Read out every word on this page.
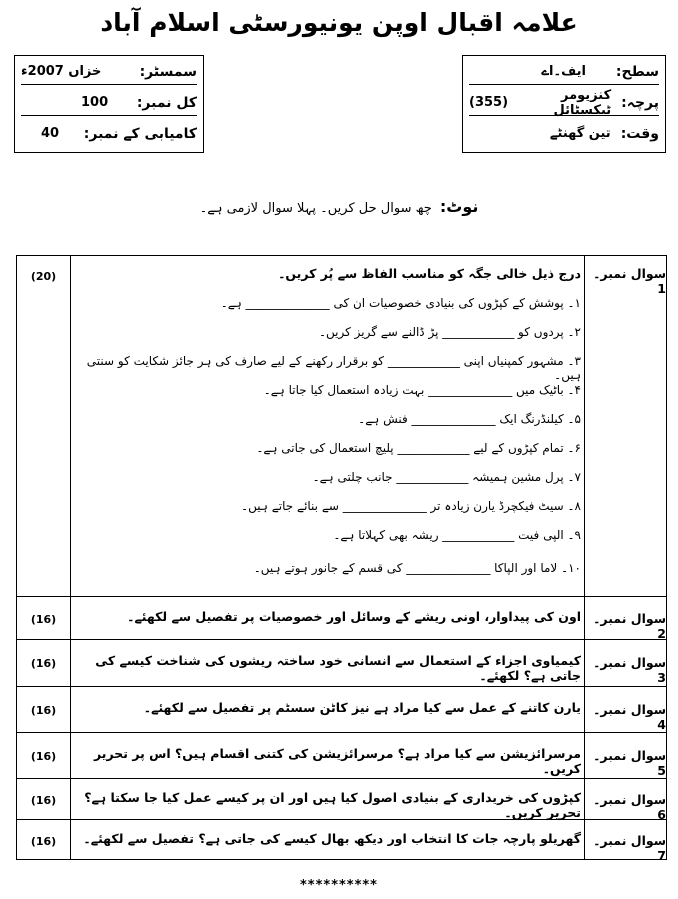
علامہ اقبال اوپن یونیورسٹی اسلام آباد
سمسٹر:
خزاں 2007ء
کل نمبر:
100
کامیابی کے نمبر:
40
سطح:
ایف۔اے
پرچہ:
کنزیومر ٹیکسٹائل
(355)
وقت:
تین گھنٹے
نوٹ:چھ سوال حل کریں۔ پہلا سوال لازمی ہے۔
سوال نمبر۔1
(20)	درج ذیل خالی جگہ کو مناسب الفاظ سے پُر کریں۔
۱۔ پوشش کے کپڑوں کی بنیادی خصوصیات ان کی ______________ ہے۔
۲۔ پردوں کو ____________ پڑ ڈالنے سے گریز کریں۔
۳۔ مشہور کمپنیاں اپنی ____________ کو برقرار رکھنے کے لیے صارف کی ہر جائز شکایت کو سنتی ہیں۔
۴۔ باٹیک میں ______________ بہت زیادہ استعمال کیا جاتا ہے۔
۵۔ کیلنڈرنگ ایک ______________ فنش ہے۔
۶۔ تمام کپڑوں کے لیے ____________ پلیچ استعمال کی جاتی ہے۔
۷۔ پرل مشین ہمیشہ ____________ جانب چلتی ہے۔
۸۔ سیٹ فیکچرڈ یارن زیادہ تر ______________ سے بنائے جاتے ہیں۔
۹۔ الپی فیت ____________ ریشہ بھی کہلاتا ہے۔
۱۰۔ لاما اور الپاکا ______________ کی قسم کے جانور ہوتے ہیں۔
سوال نمبر۔2
(16)	اون کی پیداوار، اونی ریشے کے وسائل اور خصوصیات پر تفصیل سے لکھئے۔
سوال نمبر۔3
(16)	کیمیاوی اجزاء کے استعمال سے انسانی خود ساختہ ریشوں کی شناخت کیسے کی جاتی ہے؟ لکھئے۔
سوال نمبر۔4
(16)	یارن کاتنے کے عمل سے کیا مراد ہے نیز کاٹن سسٹم پر تفصیل سے لکھئے۔
سوال نمبر۔5
(16)	مرسرائزیشن سے کیا مراد ہے؟ مرسرائزیشن کی کتنی اقسام ہیں؟ اس پر تحریر کریں۔
سوال نمبر۔6
(16)	کپڑوں کی خریداری کے بنیادی اصول کیا ہیں اور ان پر کیسے عمل کیا جا سکتا ہے؟ تحریر کریں۔
سوال نمبر۔7
(16)	گھریلو پارچہ جات کا انتخاب اور دیکھ بھال کیسے کی جاتی ہے؟ تفصیل سے لکھئے۔
**********
